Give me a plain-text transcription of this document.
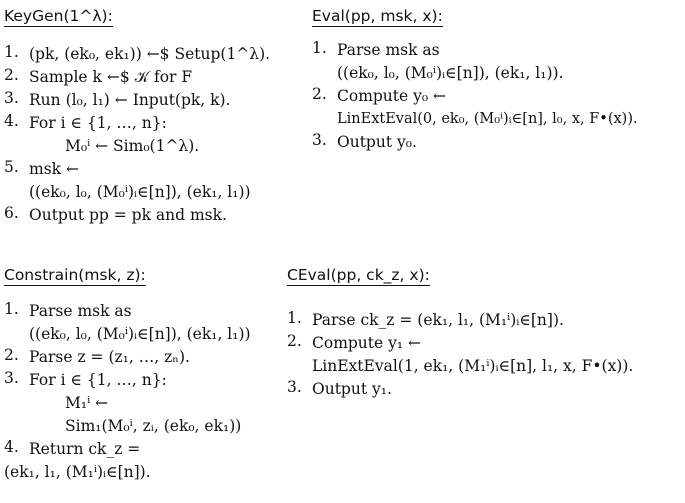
KeyGen(1^λ):
1. (pk, (ek₀, ek₁)) ←$ Setup(1^λ).
2. Sample k ←$ 𝒦 for F
3. Run (l₀, l₁) ← Input(pk, k).
4. For i ∈ {1, …, n}:
M₀ⁱ ← Sim₀(1^λ).
5. msk ←
((ek₀, l₀, (M₀ⁱ)ᵢ∈[n]), (ek₁, l₁))
6. Output pp = pk and msk.
Eval(pp, msk, x):
1. Parse msk as
((ek₀, l₀, (M₀ⁱ)ᵢ∈[n]), (ek₁, l₁)).
2. Compute y₀ ←
LinExtEval(0, ek₀, (M₀ⁱ)ᵢ∈[n], l₀, x, F•(x)).
3. Output y₀.
Constrain(msk, z):
1. Parse msk as
((ek₀, l₀, (M₀ⁱ)ᵢ∈[n]), (ek₁, l₁))
2. Parse z = (z₁, …, zₙ).
3. For i ∈ {1, …, n}:
M₁ⁱ ←
Sim₁(M₀ⁱ, zᵢ, (ek₀, ek₁))
4. Return ck_z =
(ek₁, l₁, (M₁ⁱ)ᵢ∈[n]).
CEval(pp, ck_z, x):
1. Parse ck_z = (ek₁, l₁, (M₁ⁱ)ᵢ∈[n]).
2. Compute y₁ ←
LinExtEval(1, ek₁, (M₁ⁱ)ᵢ∈[n], l₁, x, F•(x)).
3. Output y₁.
